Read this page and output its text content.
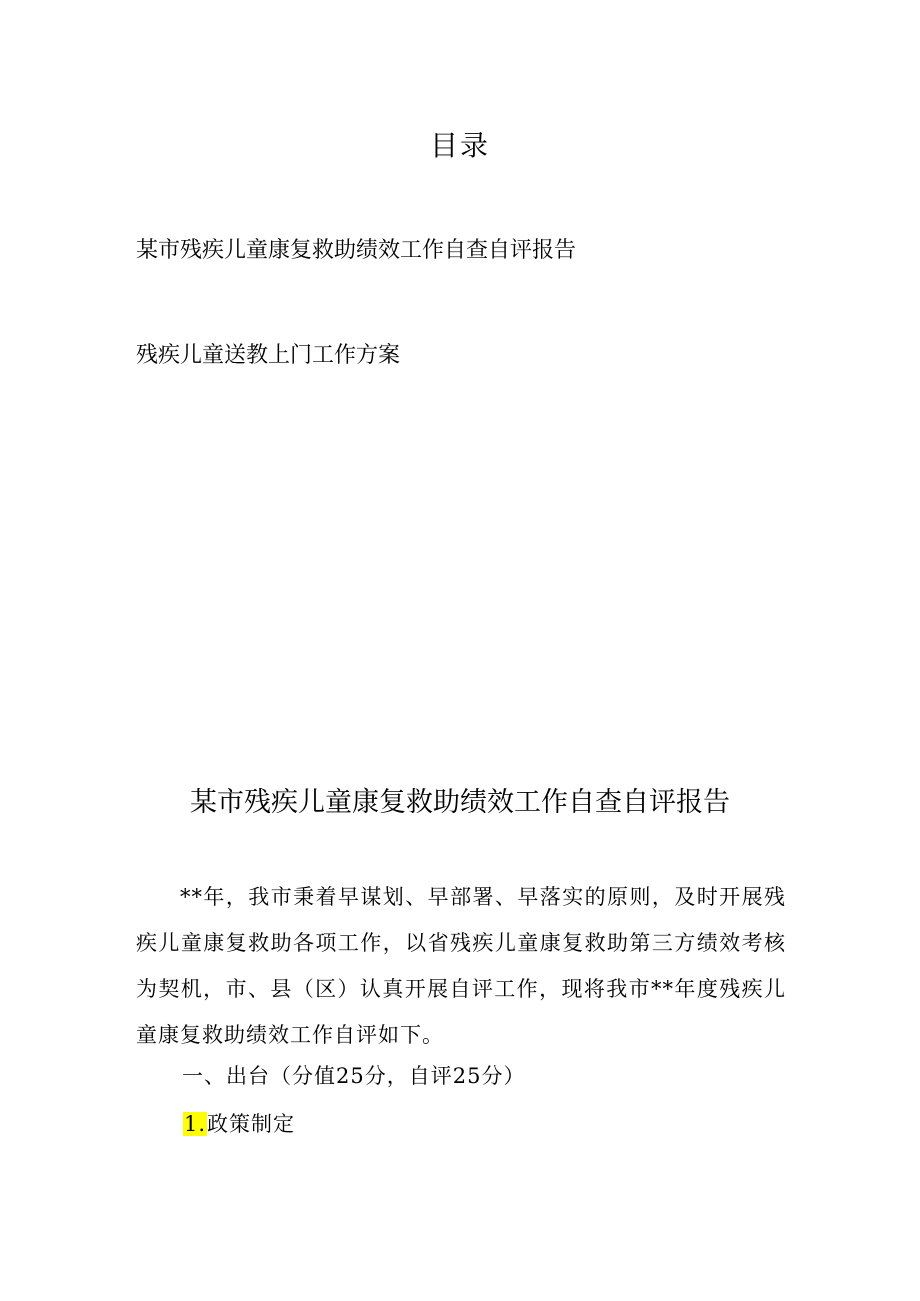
目录
某市残疾儿童康复救助绩效工作自查自评报告
残疾儿童送教上门工作方案
某市残疾儿童康复救助绩效工作自查自评报告
**年，我市秉着早谋划、早部署、早落实的原则，及时开展残疾儿童康复救助各项工作，以省残疾儿童康复救助第三方绩效考核为契机，市、县（区）认真开展自评工作，现将我市**年度残疾儿童康复救助绩效工作自评如下。
一、出台（分值25分，自评25分）
1.政策制定
